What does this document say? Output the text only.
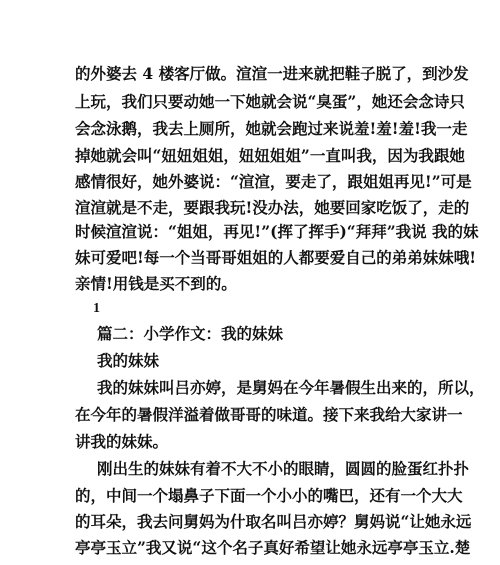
的外婆去 4 楼客厅做。渲渲一进来就把鞋子脱了，到沙发

上玩，我们只要动她一下她就会说“臭蛋”，她还会念诗只

会念泳鹅，我去上厕所，她就会跑过来说羞!羞!羞!我一走

掉她就会叫“妞妞姐姐，妞妞姐姐”一直叫我，因为我跟她

感情很好，她外婆说：“渲渲，要走了，跟姐姐再见!”可是

渲渲就是不走，要跟我玩!没办法，她要回家吃饭了，走的

时候渲渲说：“姐姐，再见!”(挥了挥手)“拜拜”我说 我的妹

妹可爱吧!每一个当哥哥姐姐的人都要爱自己的弟弟妹妹哦!

亲情!用钱是买不到的。

1

篇二：小学作文：我的妹妹

我的妹妹

我的妹妹叫吕亦婷，是舅妈在今年暑假生出来的，所以，

在今年的暑假洋溢着做哥哥的味道。接下来我给大家讲一

讲我的妹妹。

刚出生的妹妹有着不大不小的眼睛，圆圆的脸蛋红扑扑

的，中间一个塌鼻子下面一个小小的嘴巴，还有一个大大

的耳朵，我去问舅妈为什取名叫吕亦婷？舅妈说“让她永远

亭亭玉立”我又说“这个名子真好希望让她永远亭亭玉立.楚
